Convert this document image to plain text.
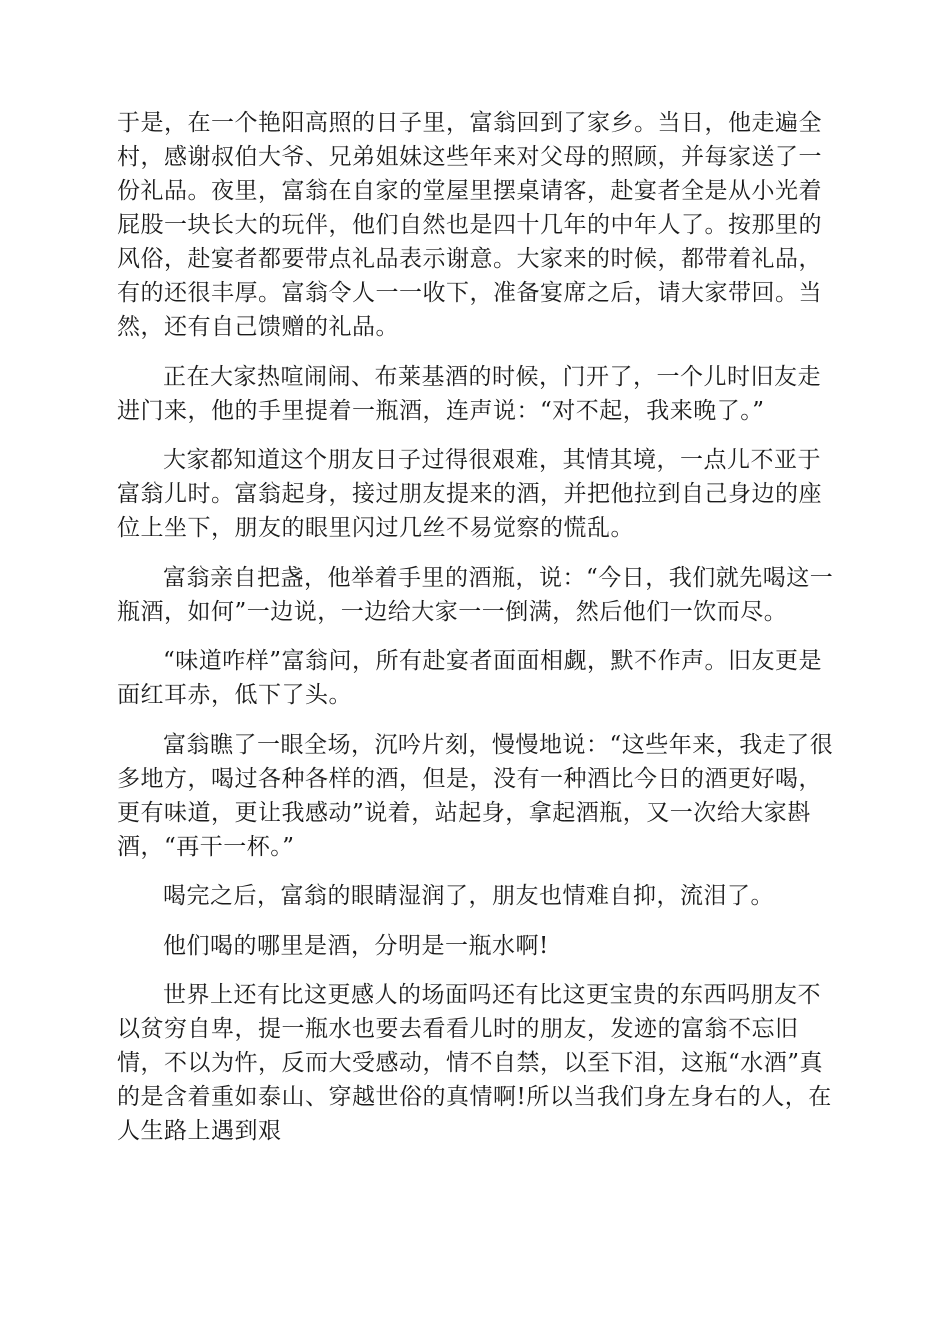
于是，在一个艳阳高照的日子里，富翁回到了家乡。当日，他走遍全村，感谢叔伯大爷、兄弟姐妹这些年来对父母的照顾，并每家送了一份礼品。夜里，富翁在自家的堂屋里摆桌请客，赴宴者全是从小光着屁股一块长大的玩伴，他们自然也是四十几年的中年人了。按那里的风俗，赴宴者都要带点礼品表示谢意。大家来的时候，都带着礼品，有的还很丰厚。富翁令人一一收下，准备宴席之后，请大家带回。当然，还有自己馈赠的礼品。

正在大家热喧闹闹、布莱基酒的时候，门开了，一个儿时旧友走进门来，他的手里提着一瓶酒，连声说：“对不起，我来晚了。”

大家都知道这个朋友日子过得很艰难，其情其境，一点儿不亚于富翁儿时。富翁起身，接过朋友提来的酒，并把他拉到自己身边的座位上坐下，朋友的眼里闪过几丝不易觉察的慌乱。

富翁亲自把盏，他举着手里的酒瓶，说：“今日，我们就先喝这一瓶酒，如何”一边说，一边给大家一一倒满，然后他们一饮而尽。

“味道咋样”富翁问，所有赴宴者面面相觑，默不作声。旧友更是面红耳赤，低下了头。

富翁瞧了一眼全场，沉吟片刻，慢慢地说：“这些年来，我走了很多地方，喝过各种各样的酒，但是，没有一种酒比今日的酒更好喝，更有味道，更让我感动”说着，站起身，拿起酒瓶，又一次给大家斟酒，“再干一杯。”

喝完之后，富翁的眼睛湿润了，朋友也情难自抑，流泪了。

他们喝的哪里是酒，分明是一瓶水啊!

世界上还有比这更感人的场面吗还有比这更宝贵的东西吗朋友不以贫穷自卑，提一瓶水也要去看看儿时的朋友，发迹的富翁不忘旧情，不以为忤，反而大受感动，情不自禁，以至下泪，这瓶“水酒”真的是含着重如泰山、穿越世俗的真情啊!所以当我们身左身右的人，在人生路上遇到艰
